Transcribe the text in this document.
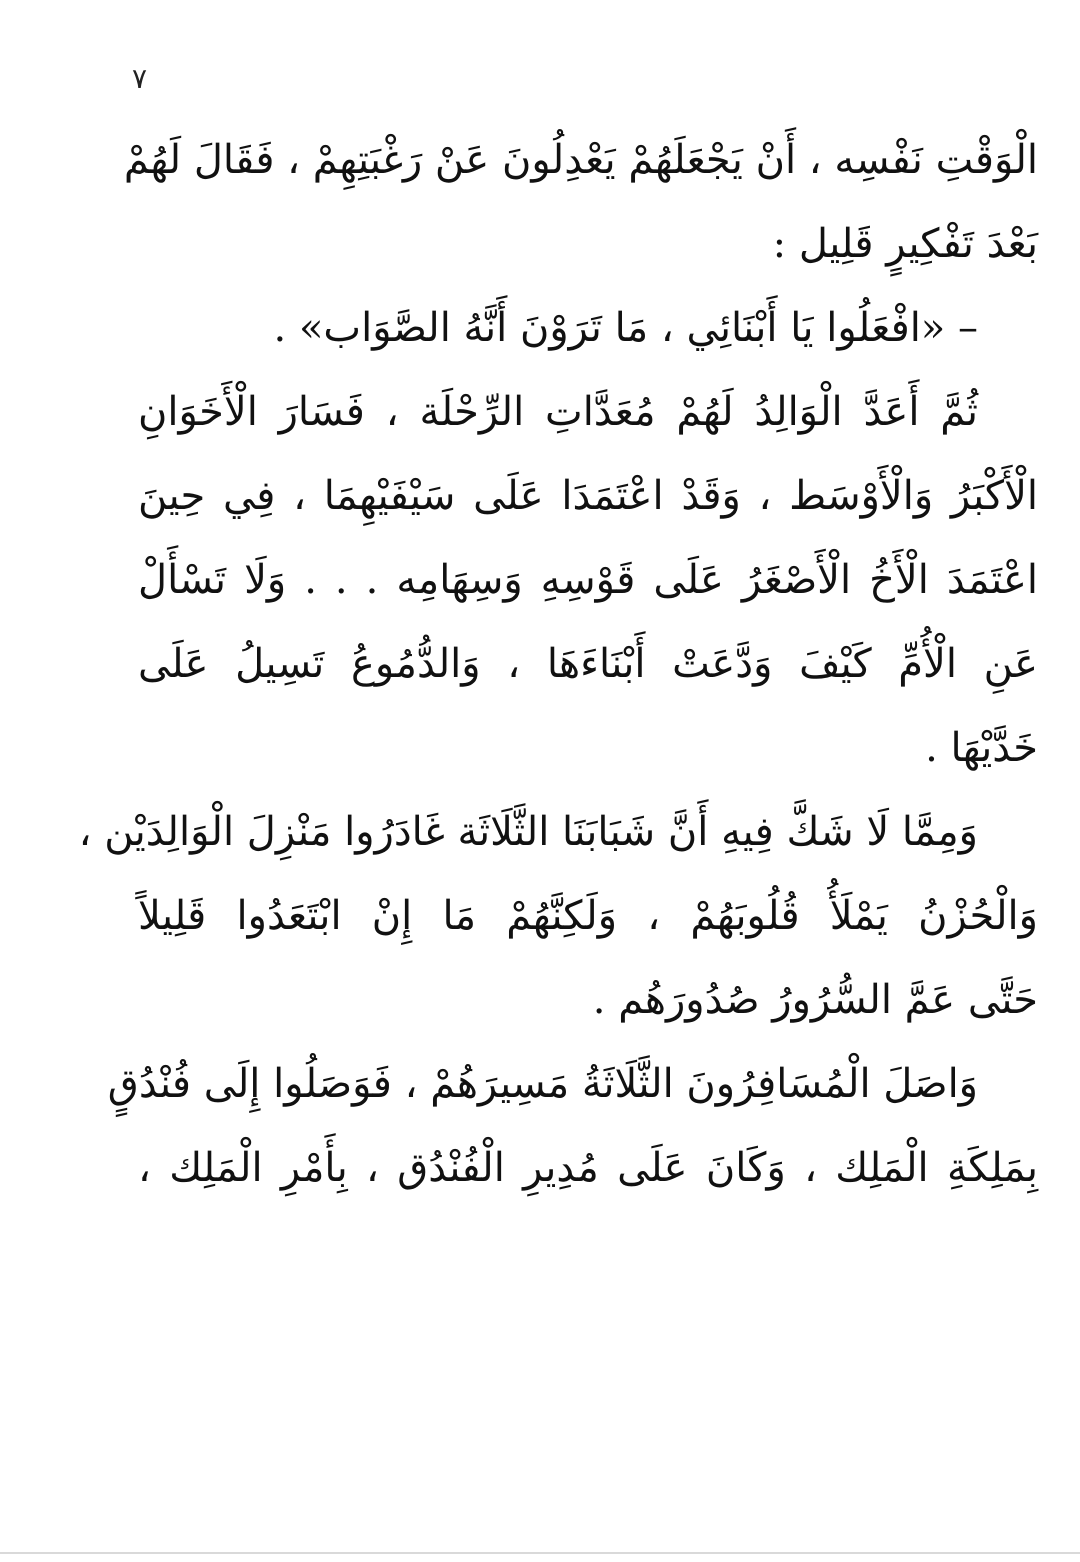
٧
الْوَقْتِ نَفْسِه ، أَنْ يَجْعَلَهُمْ يَعْدِلُونَ عَنْ رَغْبَتِهِمْ ، فَقَالَ لَهُمْ
بَعْدَ تَفْكِيرٍ قَلِيل :
– «افْعَلُوا يَا أَبْنَائِي ، مَا تَرَوْنَ أَنَّهُ الصَّوَاب» .
ثُمَّ أَعَدَّ الْوَالِدُ لَهُمْ مُعَدَّاتِ الرِّحْلَة ، فَسَارَ الْأَخَوَانِ
الْأَكْبَرُ وَالْأَوْسَط ، وَقَدْ اعْتَمَدَا عَلَى سَيْفَيْهِمَا ، فِي حِينَ
اعْتَمَدَ الْأَخُ الْأَصْغَرُ عَلَى قَوْسِهِ وَسِهَامِه . . . وَلَا تَسْأَلْ
عَنِ الْأُمِّ كَيْفَ وَدَّعَتْ أَبْنَاءَهَا ، وَالدُّمُوعُ تَسِيلُ عَلَى
خَدَّيْهَا .
وَمِمَّا لَا شَكَّ فِيهِ أَنَّ شَبَابَنَا الثَّلَاثَة غَادَرُوا مَنْزِلَ الْوَالِدَيْن ،
وَالْحُزْنُ يَمْلَأُ قُلُوبَهُمْ ، وَلَكِنَّهُمْ مَا إِنْ ابْتَعَدُوا قَلِيلاً
حَتَّى عَمَّ السُّرُورُ صُدُورَهُم .
وَاصَلَ الْمُسَافِرُونَ الثَّلَاثَةُ مَسِيرَهُمْ ، فَوَصَلُوا إِلَى فُنْدُقٍ
بِمَلِكَةِ الْمَلِك ، وَكَانَ عَلَى مُدِيرِ الْفُنْدُق ، بِأَمْرِ الْمَلِك ،
